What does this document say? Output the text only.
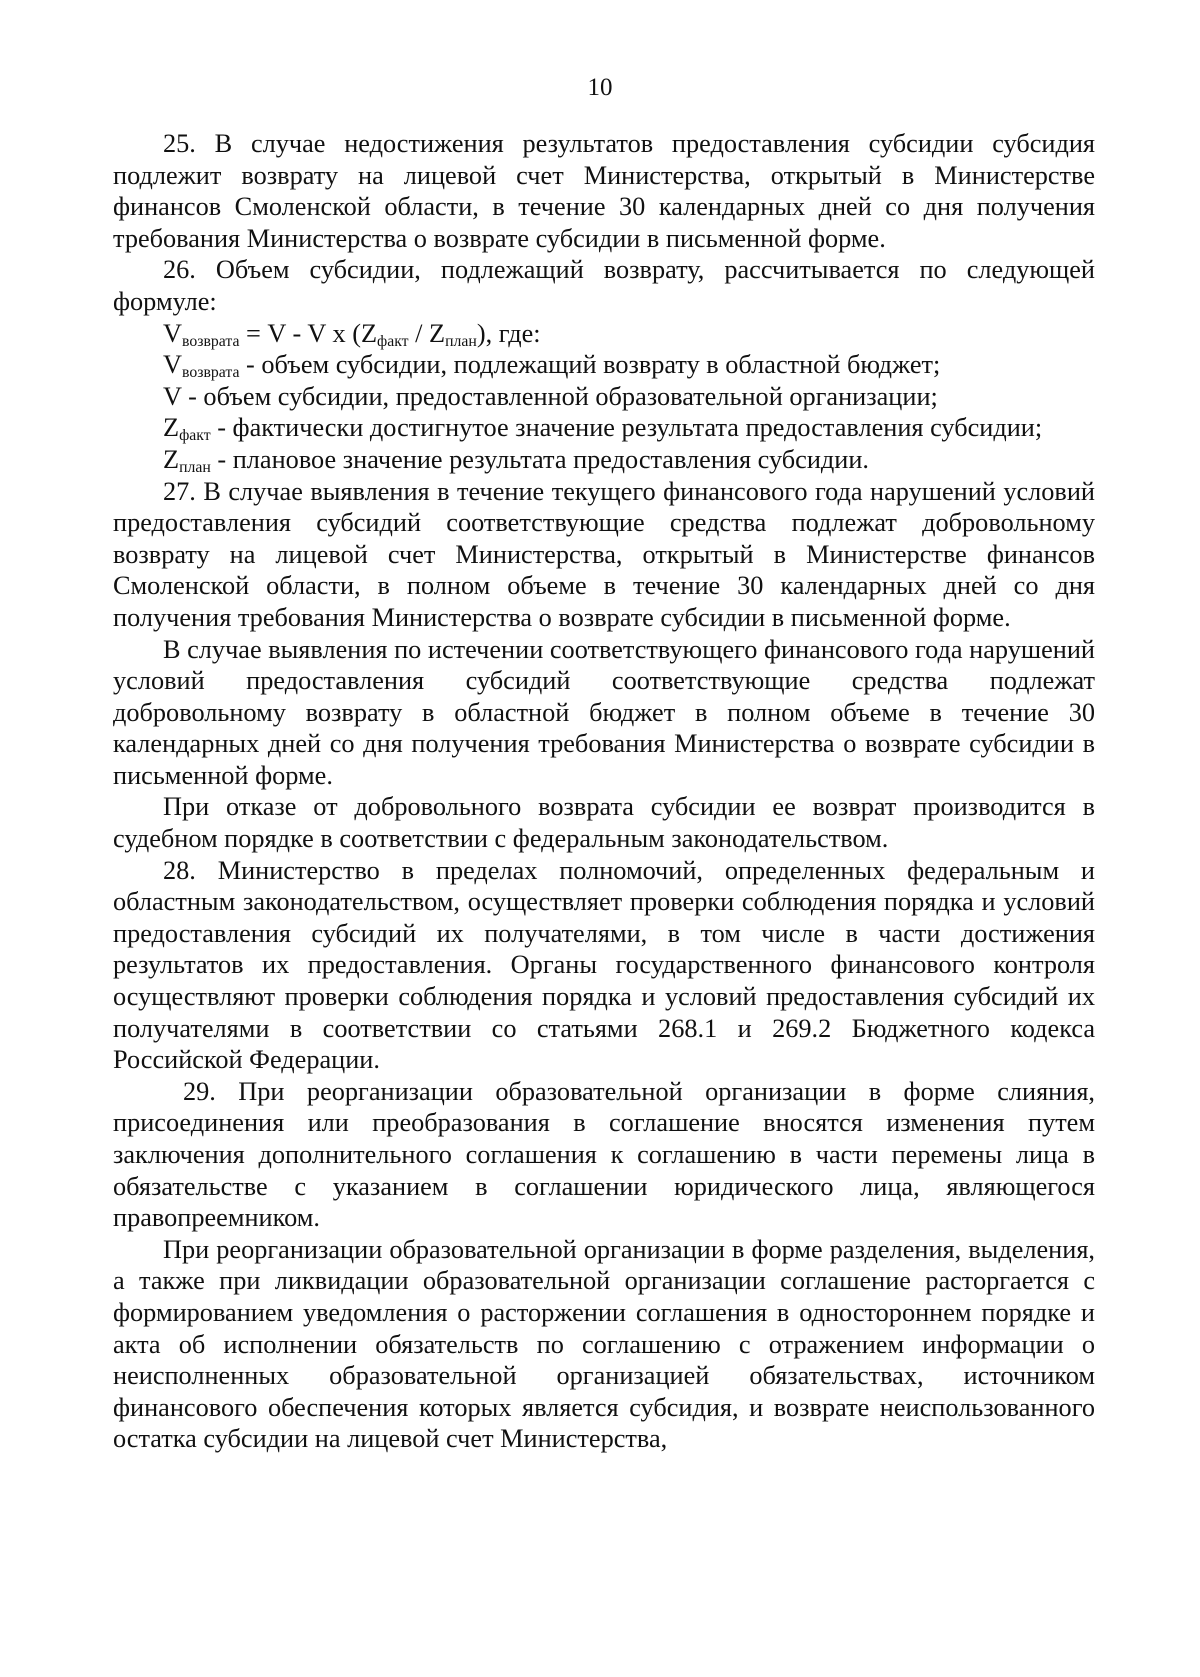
10

25. В случае недостижения результатов предоставления субсидии субсидия подлежит возврату на лицевой счет Министерства, открытый в Министерстве финансов Смоленской области, в течение 30 календарных дней со дня получения требования Министерства о возврате субсидии в письменной форме.

26. Объем субсидии, подлежащий возврату, рассчитывается по следующей формуле:

$V_{возврата} = V - V$ x $(Z_{факт} / Z_{план})$, где:

$V_{возврата}$ - объем субсидии, подлежащий возврату в областной бюджет;

V - объем субсидии, предоставленной образовательной организации;

$Z_{факт}$ - фактически достигнутое значение результата предоставления субсидии;

$Z_{план}$ - плановое значение результата предоставления субсидии.

27. В случае выявления в течение текущего финансового года нарушений условий предоставления субсидий соответствующие средства подлежат добровольному возврату на лицевой счет Министерства, открытый в Министерстве финансов Смоленской области, в полном объеме в течение 30 календарных дней со дня получения требования Министерства о возврате субсидии в письменной форме.

В случае выявления по истечении соответствующего финансового года нарушений условий предоставления субсидий соответствующие средства подлежат добровольному возврату в областной бюджет в полном объеме в течение 30 календарных дней со дня получения требования Министерства о возврате субсидии в письменной форме.

При отказе от добровольного возврата субсидии ее возврат производится в судебном порядке в соответствии с федеральным законодательством.

28. Министерство в пределах полномочий, определенных федеральным и областным законодательством, осуществляет проверки соблюдения порядка и условий предоставления субсидий их получателями, в том числе в части достижения результатов их предоставления. Органы государственного финансового контроля осуществляют проверки соблюдения порядка и условий предоставления субсидий их получателями в соответствии со статьями 268.1 и 269.2 Бюджетного кодекса Российской Федерации.

29. При реорганизации образовательной организации в форме слияния, присоединения или преобразования в соглашение вносятся изменения путем заключения дополнительного соглашения к соглашению в части перемены лица в обязательстве с указанием в соглашении юридического лица, являющегося правопреемником.

При реорганизации образовательной организации в форме разделения, выделения, а также при ликвидации образовательной организации соглашение расторгается с формированием уведомления о расторжении соглашения в одностороннем порядке и акта об исполнении обязательств по соглашению с отражением информации о неисполненных образовательной организацией обязательствах, источником финансового обеспечения которых является субсидия, и возврате неиспользованного остатка субсидии на лицевой счет Министерства,
